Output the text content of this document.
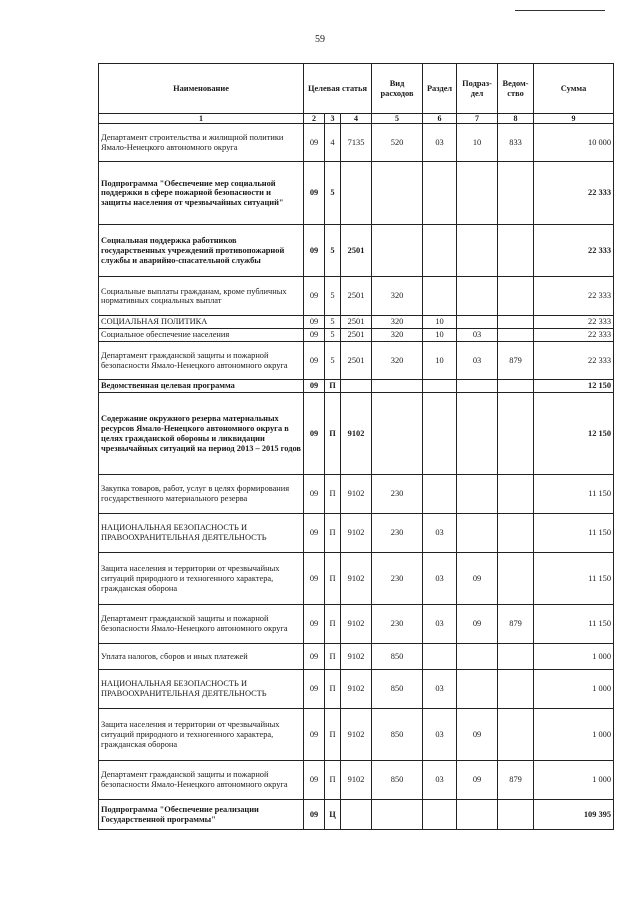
59
Наименование	Целевая статья			Вид расходов	Раздел	Подраз-дел	Ведом-ство	Сумма
1	2	3	4	5	6	7	8	9
Департамент строительства и жилищной политики Ямало-Ненецкого автономного округа	09	4	7135	520	03	10	833	10 000
Подпрограмма "Обеспечение мер социальной поддержки в сфере пожарной безопасности и защиты населения от чрезвычайных ситуаций"	09	5						22 333
Социальная поддержка работников государственных учреждений противопожарной службы и аварийно-спасательной службы	09	5	2501					22 333
Социальные выплаты гражданам, кроме публичных нормативных социальных выплат	09	5	2501	320				22 333
СОЦИАЛЬНАЯ ПОЛИТИКА	09	5	2501	320	10			22 333
Социальное обеспечение населения	09	5	2501	320	10	03		22 333
Департамент гражданской защиты и пожарной безопасности Ямало-Ненецкого автономного округа	09	5	2501	320	10	03	879	22 333
Ведомственная целевая программа	09	П						12 150
Содержание окружного резерва материальных ресурсов Ямало-Ненецкого автономного округа в целях гражданской обороны и ликвидации чрезвычайных ситуаций на период 2013 – 2015 годов	09	П	9102					12 150
Закупка товаров, работ, услуг в целях формирования государственного материального резерва	09	П	9102	230				11 150
НАЦИОНАЛЬНАЯ БЕЗОПАСНОСТЬ И ПРАВООХРАНИТЕЛЬНАЯ ДЕЯТЕЛЬНОСТЬ	09	П	9102	230	03			11 150
Защита населения и территории от чрезвычайных ситуаций природного и техногенного характера, гражданская оборона	09	П	9102	230	03	09		11 150
Департамент гражданской защиты и пожарной безопасности Ямало-Ненецкого автономного округа	09	П	9102	230	03	09	879	11 150
Уплата налогов, сборов и иных платежей	09	П	9102	850				1 000
НАЦИОНАЛЬНАЯ БЕЗОПАСНОСТЬ И ПРАВООХРАНИТЕЛЬНАЯ ДЕЯТЕЛЬНОСТЬ	09	П	9102	850	03			1 000
Защита населения и территории от чрезвычайных ситуаций природного и техногенного характера, гражданская оборона	09	П	9102	850	03	09		1 000
Департамент гражданской защиты и пожарной безопасности Ямало-Ненецкого автономного округа	09	П	9102	850	03	09	879	1 000
Подпрограмма "Обеспечение реализации Государственной программы"	09	Ц						109 395
